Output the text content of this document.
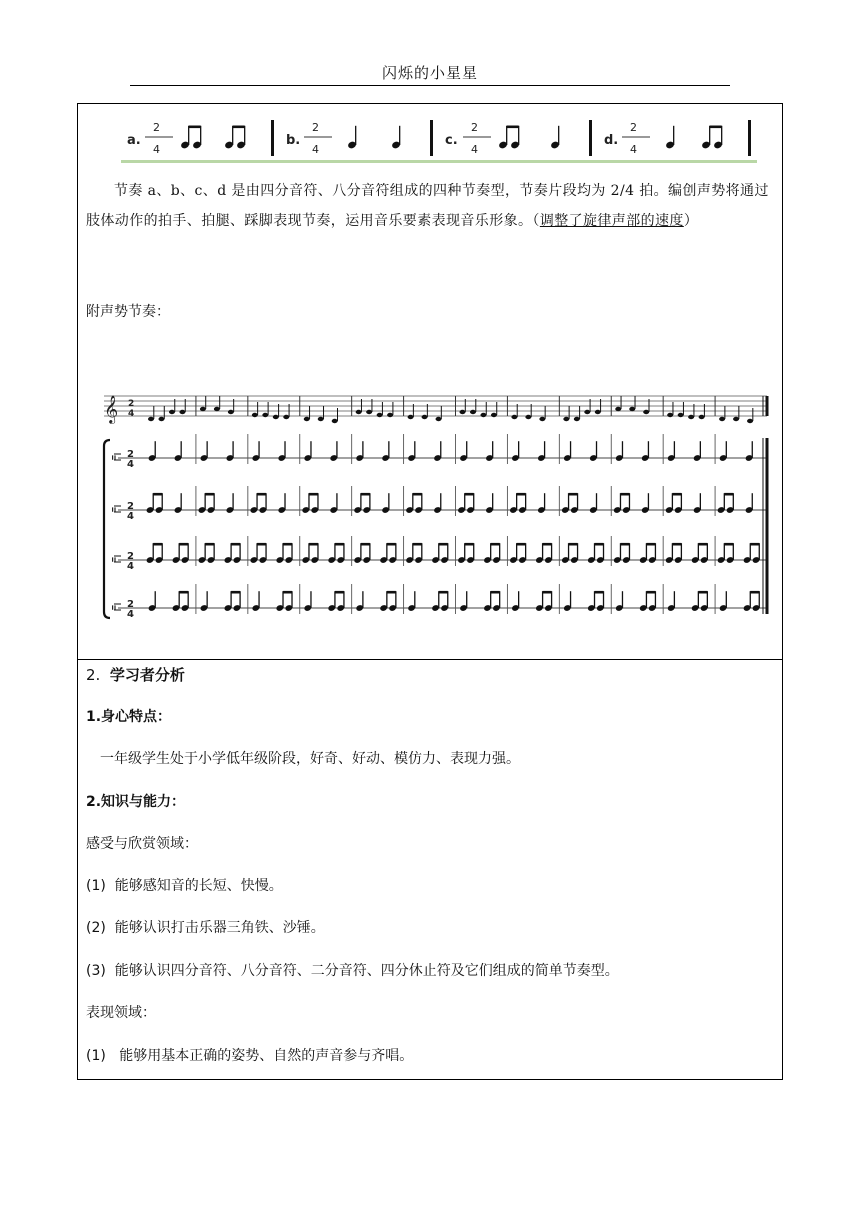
闪烁的小星星
a.
2
4
b.
2
4
c.
2
4
d.
2
4
节奏 a、b、c、d 是由四分音符、八分音符组成的四种节奏型，节奏片段均为 2/4 拍。编创声势将通过肢体动作的拍手、拍腿、踩脚表现节奏，运用音乐要素表现音乐形象。（调整了旋律声部的速度）
附声势节奏：
𝄞 2
4
𝄥 2
4
𝄥 2
4
𝄥 2
4
𝄥 2
4
2. 学习者分析
1.身心特点：
一年级学生处于小学低年级阶段，好奇、好动、模仿力、表现力强。
2.知识与能力：
感受与欣赏领域：
(1) 能够感知音的长短、快慢。
(2) 能够认识打击乐器三角铁、沙锤。
(3) 能够认识四分音符、八分音符、二分音符、四分休止符及它们组成的简单节奏型。
表现领域：
(1) 能够用基本正确的姿势、自然的声音参与齐唱。
